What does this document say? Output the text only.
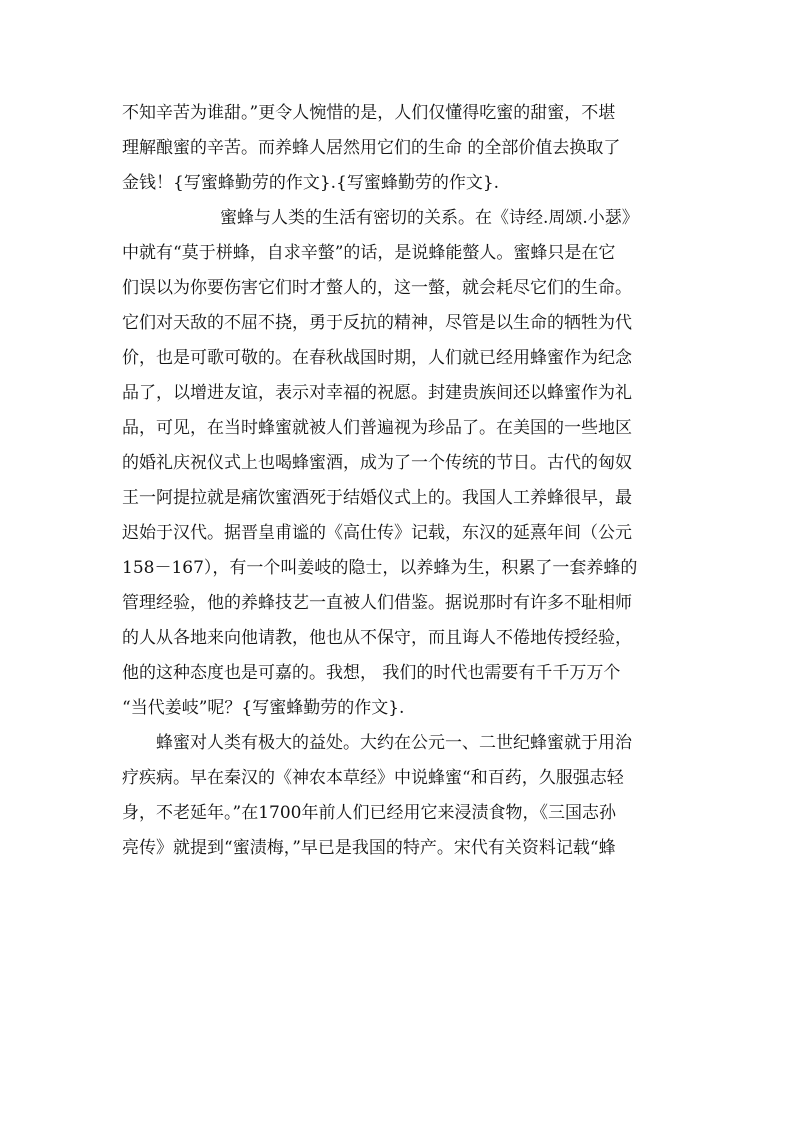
不知辛苦为谁甜。”更令人惋惜的是，人们仅懂得吃蜜的甜蜜，不堪
理解酿蜜的辛苦。而养蜂人居然用它们的生命 的全部价值去换取了
金钱！{写蜜蜂勤劳的作文}.{写蜜蜂勤劳的作文}.
蜜蜂与人类的生活有密切的关系。在《诗经.周颂.小瑟》
中就有“莫于栟蜂，自求辛螫”的话，是说蜂能螫人。蜜蜂只是在它
们误以为你要伤害它们时才螫人的，这一螫，就会耗尽它们的生命。
它们对天敌的不屈不挠，勇于反抗的精神，尽管是以生命的牺牲为代
价，也是可歌可敬的。在春秋战国时期，人们就已经用蜂蜜作为纪念
品了，以增进友谊，表示对幸福的祝愿。封建贵族间还以蜂蜜作为礼
品，可见，在当时蜂蜜就被人们普遍视为珍品了。在美国的一些地区
的婚礼庆祝仪式上也喝蜂蜜酒，成为了一个传统的节日。古代的匈奴
王一阿提拉就是痛饮蜜酒死于结婚仪式上的。我国人工养蜂很早，最
迟始于汉代。据晋皇甫谧的《高仕传》记载，东汉的延熹年间（公元
158－167），有一个叫姜岐的隐士，以养蜂为生，积累了一套养蜂的
管理经验，他的养蜂技艺一直被人们借鉴。据说那时有许多不耻相师
的人从各地来向他请教，他也从不保守，而且诲人不倦地传授经验，
他的这种态度也是可嘉的。我想， 我们的时代也需要有千千万万个
“当代姜岐”呢？{写蜜蜂勤劳的作文}.
蜂蜜对人类有极大的益处。大约在公元一、二世纪蜂蜜就于用治
疗疾病。早在秦汉的《神农本草经》中说蜂蜜“和百药，久服强志轻
身，不老延年。”在1700年前人们已经用它来浸渍食物，《三国志孙
亮传》就提到“蜜渍梅，”早已是我国的特产。宋代有关资料记载“蜂
